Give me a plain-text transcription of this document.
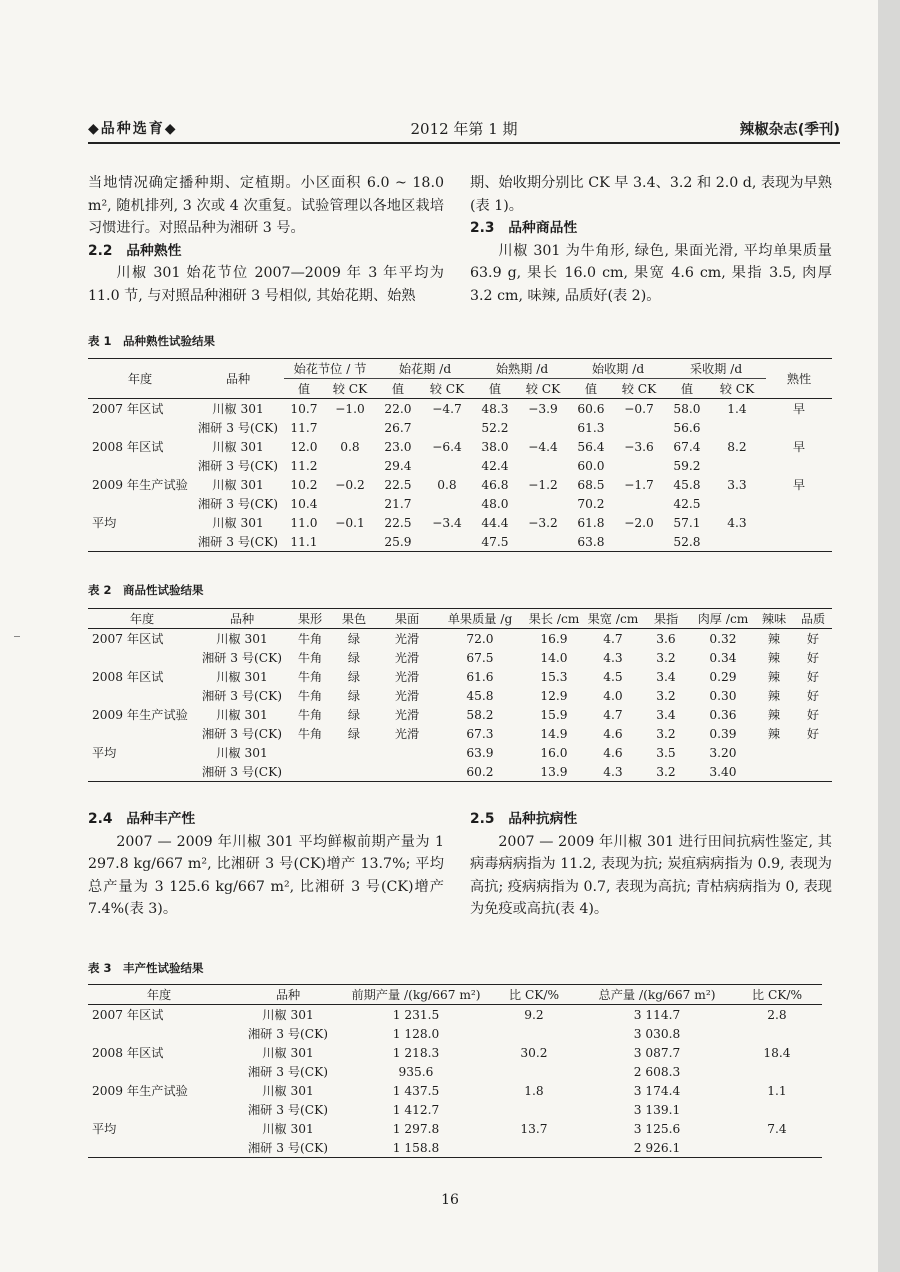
◆品种选育◆	2012 年第 1 期	辣椒杂志(季刊)

当地情况确定播种期、定植期。小区面积 6.0 ~ 18.0 m², 随机排列, 3 次或 4 次重复。试验管理以各地区栽培习惯进行。对照品种为湘研 3 号。

2.2　品种熟性

川椒 301 始花节位 2007—2009 年 3 年平均为 11.0 节, 与对照品种湘研 3 号相似, 其始花期、始熟

期、始收期分别比 CK 早 3.4、3.2 和 2.0 d, 表现为早熟(表 1)。

2.3　品种商品性

川椒 301 为牛角形, 绿色, 果面光滑, 平均单果质量 63.9 g, 果长 16.0 cm, 果宽 4.6 cm, 果指 3.5, 肉厚 3.2 cm, 味辣, 品质好(表 2)。

表 1　品种熟性试验结果
年度	品种	始花节位 / 节		始花期 /d		始熟期 /d		始收期 /d		采收期 /d		熟性
		值	较 CK	值	较 CK	值	较 CK	值	较 CK	值	较 CK	
2007 年区试	川椒 301	10.7	−1.0	22.0	−4.7	48.3	−3.9	60.6	−0.7	58.0	1.4	早
	湘研 3 号(CK)	11.7		26.7		52.2		61.3		56.6		
2008 年区试	川椒 301	12.0	0.8	23.0	−6.4	38.0	−4.4	56.4	−3.6	67.4	8.2	早
	湘研 3 号(CK)	11.2		29.4		42.4		60.0		59.2		
2009 年生产试验	川椒 301	10.2	−0.2	22.5	0.8	46.8	−1.2	68.5	−1.7	45.8	3.3	早
	湘研 3 号(CK)	10.4		21.7		48.0		70.2		42.5		
平均	川椒 301	11.0	−0.1	22.5	−3.4	44.4	−3.2	61.8	−2.0	57.1	4.3	
	湘研 3 号(CK)	11.1		25.9		47.5		63.8		52.8		
表 2　商品性试验结果
年度	品种	果形	果色	果面	单果质量 /g	果长 /cm	果宽 /cm	果指	肉厚 /cm	辣味	品质
2007 年区试	川椒 301	牛角	绿	光滑	72.0	16.9	4.7	3.6	0.32	辣	好
	湘研 3 号(CK)	牛角	绿	光滑	67.5	14.0	4.3	3.2	0.34	辣	好
2008 年区试	川椒 301	牛角	绿	光滑	61.6	15.3	4.5	3.4	0.29	辣	好
	湘研 3 号(CK)	牛角	绿	光滑	45.8	12.9	4.0	3.2	0.30	辣	好
2009 年生产试验	川椒 301	牛角	绿	光滑	58.2	15.9	4.7	3.4	0.36	辣	好
	湘研 3 号(CK)	牛角	绿	光滑	67.3	14.9	4.6	3.2	0.39	辣	好
平均	川椒 301				63.9	16.0	4.6	3.5	3.20		
	湘研 3 号(CK)				60.2	13.9	4.3	3.2	3.40		

2.4　品种丰产性

2007 — 2009 年川椒 301 平均鲜椒前期产量为 1 297.8 kg/667 m², 比湘研 3 号(CK)增产 13.7%; 平均总产量为 3 125.6 kg/667 m², 比湘研 3 号(CK)增产 7.4%(表 3)。

2.5　品种抗病性

2007 — 2009 年川椒 301 进行田间抗病性鉴定, 其病毒病病指为 11.2, 表现为抗; 炭疽病病指为 0.9, 表现为高抗; 疫病病指为 0.7, 表现为高抗; 青枯病病指为 0, 表现为免疫或高抗(表 4)。

表 3　丰产性试验结果
年度	品种	前期产量 /(kg/667 m²)	比 CK/%	总产量 /(kg/667 m²)	比 CK/%
2007 年区试	川椒 301	1 231.5	9.2	3 114.7	2.8
	湘研 3 号(CK)	1 128.0		3 030.8	
2008 年区试	川椒 301	1 218.3	30.2	3 087.7	18.4
	湘研 3 号(CK)	935.6		2 608.3	
2009 年生产试验	川椒 301	1 437.5	1.8	3 174.4	1.1
	湘研 3 号(CK)	1 412.7		3 139.1	
平均	川椒 301	1 297.8	13.7	3 125.6	7.4
	湘研 3 号(CK)	1 158.8		2 926.1	
16
